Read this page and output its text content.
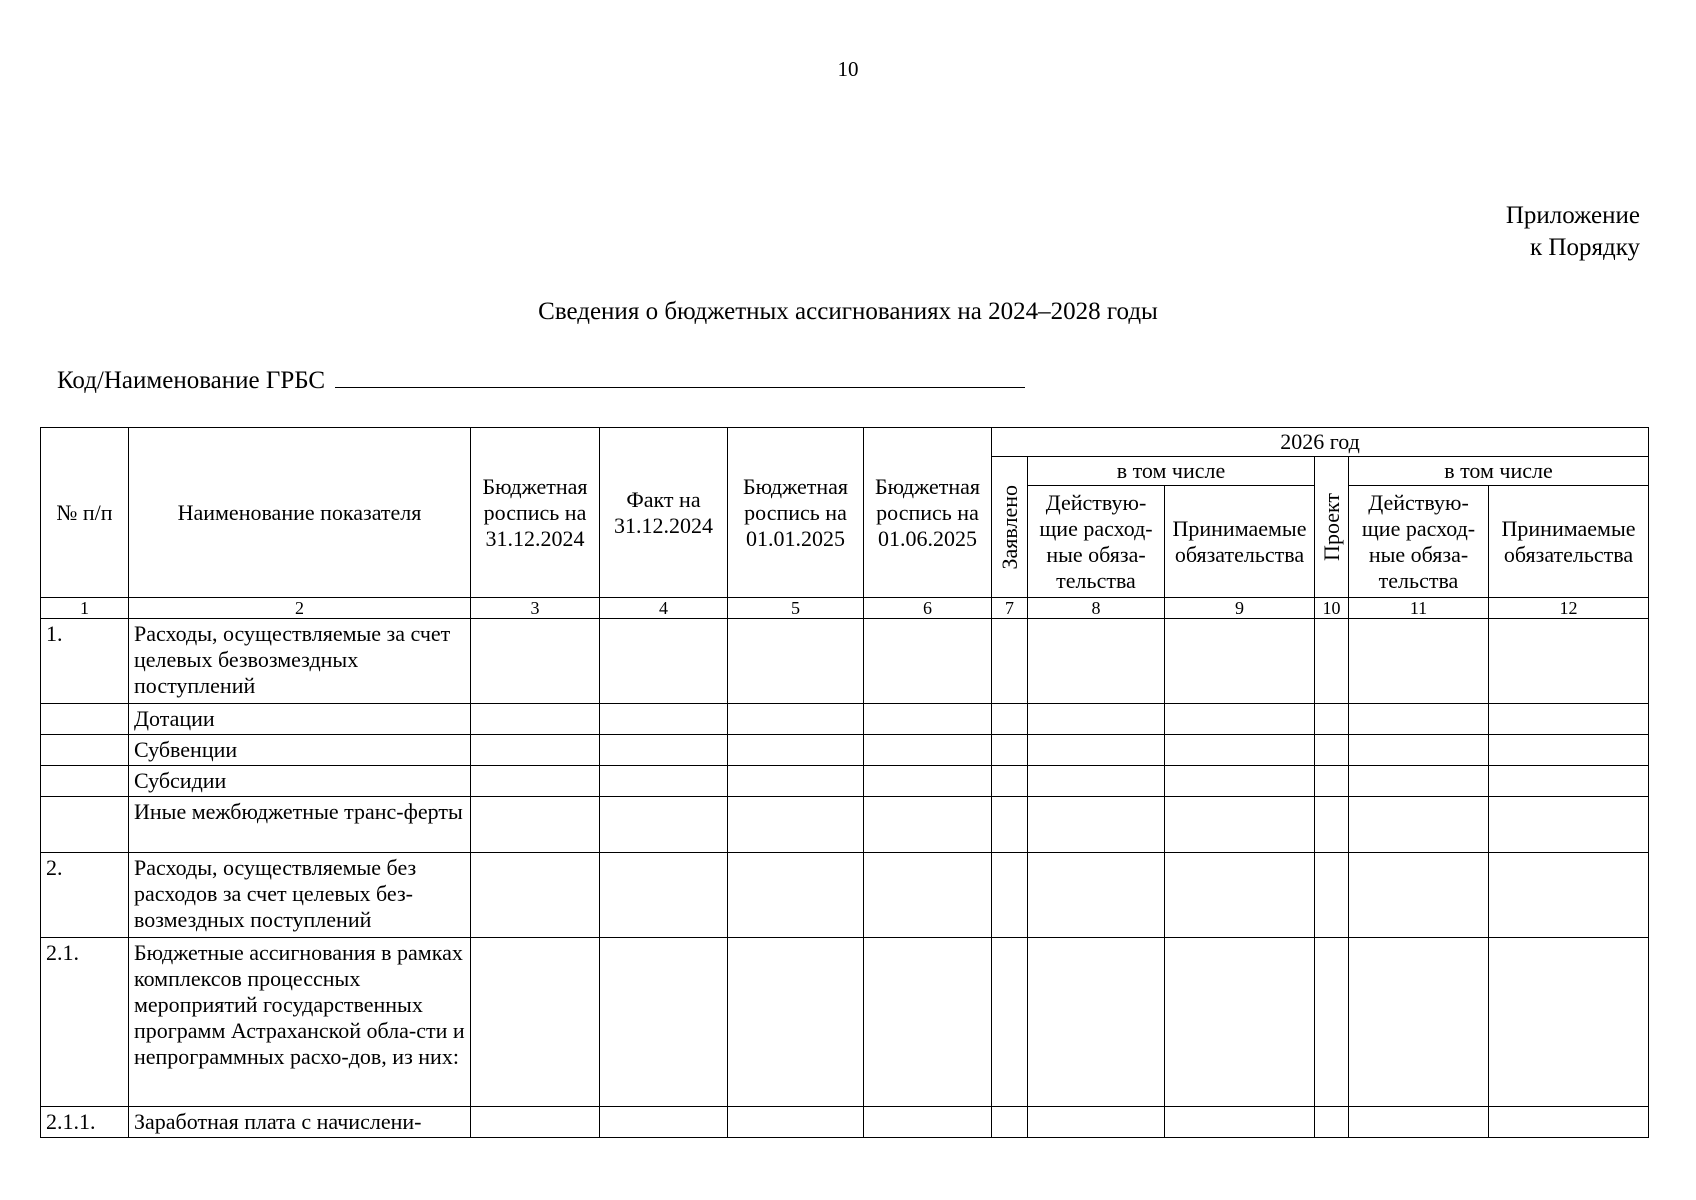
10
Приложение
к Порядку
Сведения о бюджетных ассигнованиях на 2024–2028 годы
Код/Наименование ГРБС
№ п/п	Наименование показателя	Бюджетная роспись на 31.12.2024	Факт на 31.12.2024	Бюджетная роспись на 01.01.2025	Бюджетная роспись на 01.06.2025	2026 год					

						Заявлено	в том числе		Проект	в том числе	
							Действую-щие расход-ные обяза-тельства	Принимаемые обязательства		Действую-щие расход-ные обяза-тельства	Принимаемые обязательства
1	2	3	4	5	6	7	8	9	10	11	12
1.	Расходы, осуществляемые за счет целевых безвозмездных поступлений										
	Дотации										
	Субвенции										
	Субсидии										
	Иные межбюджетные транс-ферты										
2.	Расходы, осуществляемые без расходов за счет целевых без-возмездных поступлений										
2.1.	Бюджетные ассигнования в рамках комплексов процессных мероприятий государственных программ Астраханской обла-сти и непрограммных расхо-дов, из них:										
2.1.1.	Заработная плата с начислени-										
